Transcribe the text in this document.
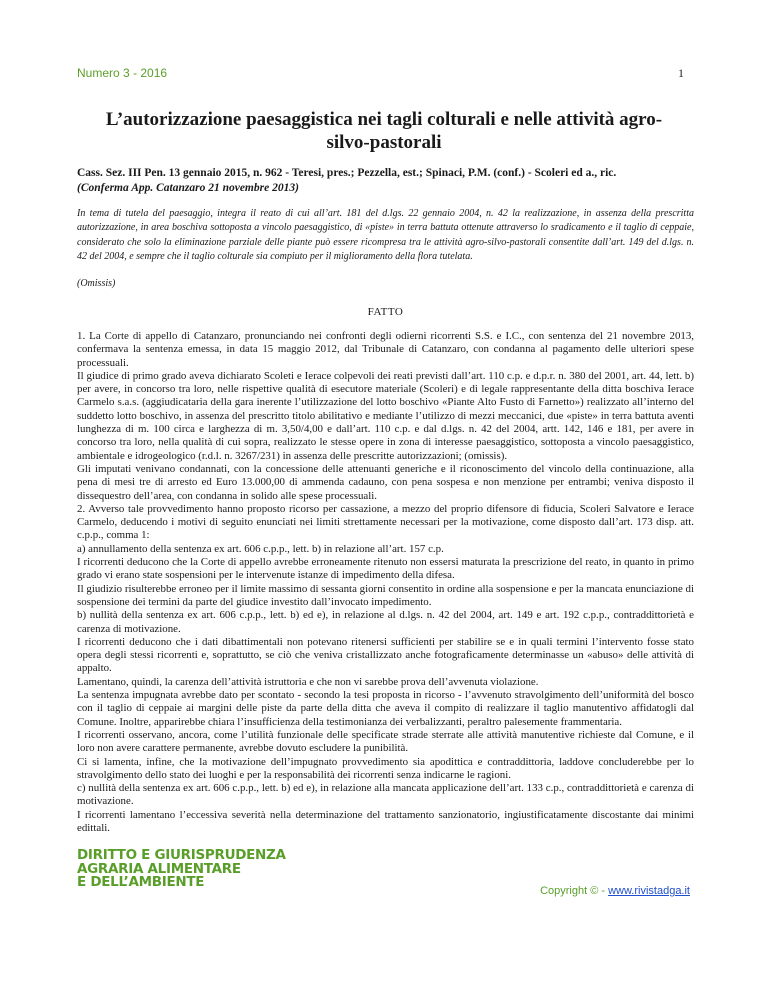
Numero 3 - 2016	1
L’autorizzazione paesaggistica nei tagli colturali e nelle attività agro-silvo-pastorali
Cass. Sez. III Pen. 13 gennaio 2015, n. 962 - Teresi, pres.; Pezzella, est.; Spinaci, P.M. (conf.) - Scoleri ed a., ric.
(Conferma App. Catanzaro 21 novembre 2013)
In tema di tutela del paesaggio, integra il reato di cui all’art. 181 del d.lgs. 22 gennaio 2004, n. 42 la realizzazione, in assenza della prescritta autorizzazione, in area boschiva sottoposta a vincolo paesaggistico, di «piste» in terra battuta ottenute attraverso lo sradicamento e il taglio di ceppaie, considerato che solo la eliminazione parziale delle piante può essere ricompresa tra le attività agro-silvo-pastorali consentite dall’art. 149 del d.lgs. n. 42 del 2004, e sempre che il taglio colturale sia compiuto per il miglioramento della flora tutelata.
(Omissis)
FATTO

1. La Corte di appello di Catanzaro, pronunciando nei confronti degli odierni ricorrenti S.S. e I.C., con sentenza del 21 novembre 2013, confermava la sentenza emessa, in data 15 maggio 2012, dal Tribunale di Catanzaro, con condanna al pagamento delle ulteriori spese processuali.

Il giudice di primo grado aveva dichiarato Scoleti e Ierace colpevoli dei reati previsti dall’art. 110 c.p. e d.p.r. n. 380 del 2001, art. 44, lett. b) per avere, in concorso tra loro, nelle rispettive qualità di esecutore materiale (Scoleri) e di legale rappresentante della ditta boschiva Ierace Carmelo s.a.s. (aggiudicataria della gara inerente l’utilizzazione del lotto boschivo «Piante Alto Fusto di Farnetto») realizzato all’interno del suddetto lotto boschivo, in assenza del prescritto titolo abilitativo e mediante l’utilizzo di mezzi meccanici, due «piste» in terra battuta aventi lunghezza di m. 100 circa e larghezza di m. 3,50/4,00 e dall’art. 110 c.p. e dal d.lgs. n. 42 del 2004, artt. 142, 146 e 181, per avere in concorso tra loro, nella qualità di cui sopra, realizzato le stesse opere in zona di interesse paesaggistico, sottoposta a vincolo paesaggistico, ambientale e idrogeologico (r.d.l. n. 3267/231) in assenza delle prescritte autorizzazioni; (omissis).

Gli imputati venivano condannati, con la concessione delle attenuanti generiche e il riconoscimento del vincolo della continuazione, alla pena di mesi tre di arresto ed Euro 13.000,00 di ammenda cadauno, con pena sospesa e non menzione per entrambi; veniva disposto il dissequestro dell’area, con condanna in solido alle spese processuali.

2. Avverso tale provvedimento hanno proposto ricorso per cassazione, a mezzo del proprio difensore di fiducia, Scoleri Salvatore e Ierace Carmelo, deducendo i motivi di seguito enunciati nei limiti strettamente necessari per la motivazione, come disposto dall’art. 173 disp. att. c.p.p., comma 1:

a) annullamento della sentenza ex art. 606 c.p.p., lett. b) in relazione all’art. 157 c.p.

I ricorrenti deducono che la Corte di appello avrebbe erroneamente ritenuto non essersi maturata la prescrizione del reato, in quanto in primo grado vi erano state sospensioni per le intervenute istanze di impedimento della difesa.

Il giudizio risulterebbe erroneo per il limite massimo di sessanta giorni consentito in ordine alla sospensione e per la mancata enunciazione di sospensione dei termini da parte del giudice investito dall’invocato impedimento.

b) nullità della sentenza ex art. 606 c.p.p., lett. b) ed e), in relazione al d.lgs. n. 42 del 2004, art. 149 e art. 192 c.p.p., contraddittorietà e carenza di motivazione.

I ricorrenti deducono che i dati dibattimentali non potevano ritenersi sufficienti per stabilire se e in quali termini l’intervento fosse stato opera degli stessi ricorrenti e, soprattutto, se ciò che veniva cristallizzato anche fotograficamente determinasse un «abuso» delle attività di appalto.

Lamentano, quindi, la carenza dell’attività istruttoria e che non vi sarebbe prova dell’avvenuta violazione.

La sentenza impugnata avrebbe dato per scontato - secondo la tesi proposta in ricorso - l’avvenuto stravolgimento dell’uniformità del bosco con il taglio di ceppaie ai margini delle piste da parte della ditta che aveva il compito di realizzare il taglio manutentivo affidatogli dal Comune. Inoltre, apparirebbe chiara l’insufficienza della testimonianza dei verbalizzanti, peraltro palesemente frammentaria.

I ricorrenti osservano, ancora, come l’utilità funzionale delle specificate strade sterrate alle attività manutentive richieste dal Comune, e il loro non avere carattere permanente, avrebbe dovuto escludere la punibilità.

Ci si lamenta, infine, che la motivazione dell’impugnato provvedimento sia apodittica e contraddittoria, laddove concluderebbe per lo stravolgimento dello stato dei luoghi e per la responsabilità dei ricorrenti senza indicarne le ragioni.

c) nullità della sentenza ex art. 606 c.p.p., lett. b) ed e), in relazione alla mancata applicazione dell’art. 133 c.p., contraddittorietà e carenza di motivazione.

I ricorrenti lamentano l’eccessiva severità nella determinazione del trattamento sanzionatorio, ingiustificatamente discostante dai minimi edittali.

DIRITTO E GIURISPRUDENZA
AGRARIA ALIMENTARE
E DELL’AMBIENTE
Copyright © - www.rivistadga.it
